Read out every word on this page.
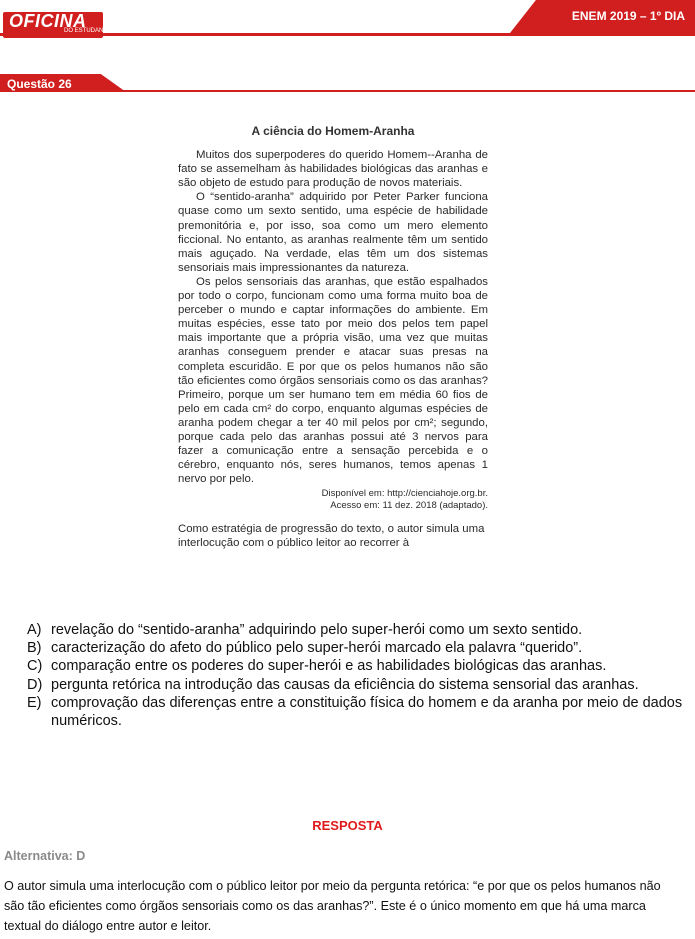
OFICINA
DO ESTUDANTE
ENEM 2019 – 1º DIA
Questão 26
A ciência do Homem-Aranha

Muitos dos superpoderes do querido Homem--Aranha de fato se assemelham às habilidades biológicas das aranhas e são objeto de estudo para produção de novos materiais.

O “sentido-aranha” adquirido por Peter Parker funciona quase como um sexto sentido, uma espécie de habilidade premonitória e, por isso, soa como um mero elemento ficcional. No entanto, as aranhas realmente têm um sentido mais aguçado. Na verdade, elas têm um dos sistemas sensoriais mais impressionantes da natureza.

Os pelos sensoriais das aranhas, que estão espalhados por todo o corpo, funcionam como uma forma muito boa de perceber o mundo e captar informações do ambiente. Em muitas espécies, esse tato por meio dos pelos tem papel mais importante que a própria visão, uma vez que muitas aranhas conseguem prender e atacar suas presas na completa escuridão. E por que os pelos humanos não são tão eficientes como órgãos sensoriais como os das aranhas? Primeiro, porque um ser humano tem em média 60 fios de pelo em cada cm² do corpo, enquanto algumas espécies de aranha podem chegar a ter 40 mil pelos por cm²; segundo, porque cada pelo das aranhas possui até 3 nervos para fazer a comunicação entre a sensação percebida e o cérebro, enquanto nós, seres humanos, temos apenas 1 nervo por pelo.

Disponível em: http://cienciahoje.org.br.
Acesso em: 11 dez. 2018 (adaptado).

Como estratégia de progressão do texto, o autor simula uma interlocução com o público leitor ao recorrer à

A) revelação do “sentido-aranha” adquirindo pelo super-herói como um sexto sentido.
B) caracterização do afeto do público pelo super-herói marcado ela palavra “querido”.
C) comparação entre os poderes do super-herói e as habilidades biológicas das aranhas.
D) pergunta retórica na introdução das causas da eficiência do sistema sensorial das aranhas.
E) comprovação das diferenças entre a constituição física do homem e da aranha por meio de dados numéricos.
RESPOSTA
Alternativa: D
O autor simula uma interlocução com o público leitor por meio da pergunta retórica: “e por que os pelos humanos não são tão eficientes como órgãos sensoriais como os das aranhas?”. Este é o único momento em que há uma marca textual do diálogo entre autor e leitor.
